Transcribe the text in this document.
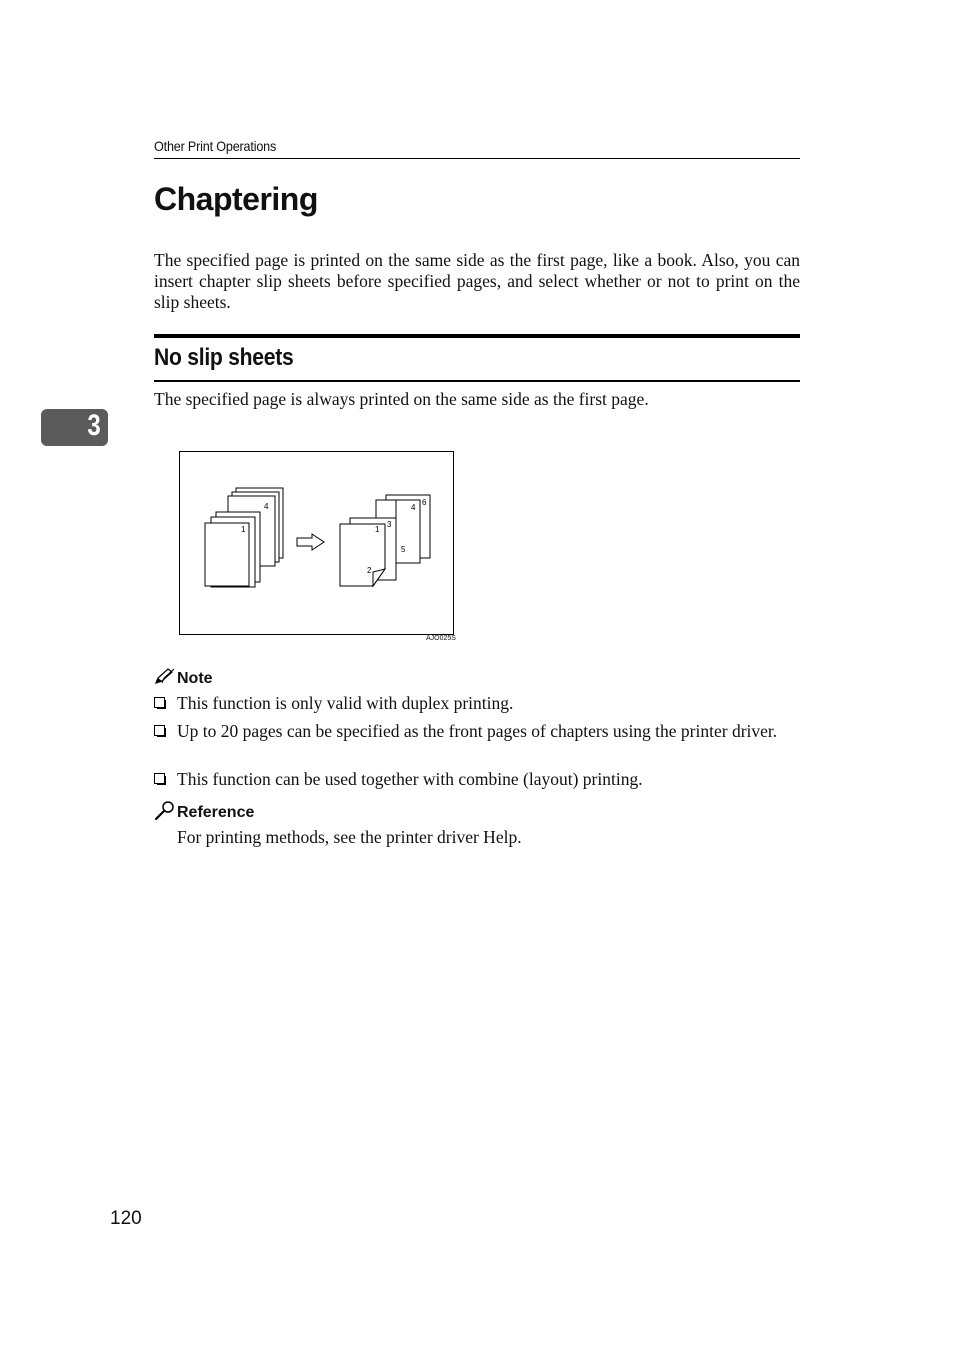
Other Print Operations
Chaptering
The specified page is printed on the same side as the first page, like a book. Also, you can insert chapter slip sheets before specified pages, and select whether or not to print on the slip sheets.
No slip sheets
The specified page is always printed on the same side as the first page.
3
4
1
6
4
5
3
1
2
AJO025S
Note
This function is only valid with duplex printing.
Up to 20 pages can be specified as the front pages of chapters using the printer driver.
This function can be used together with combine (layout) printing.
Reference
For printing methods, see the printer driver Help.
120
